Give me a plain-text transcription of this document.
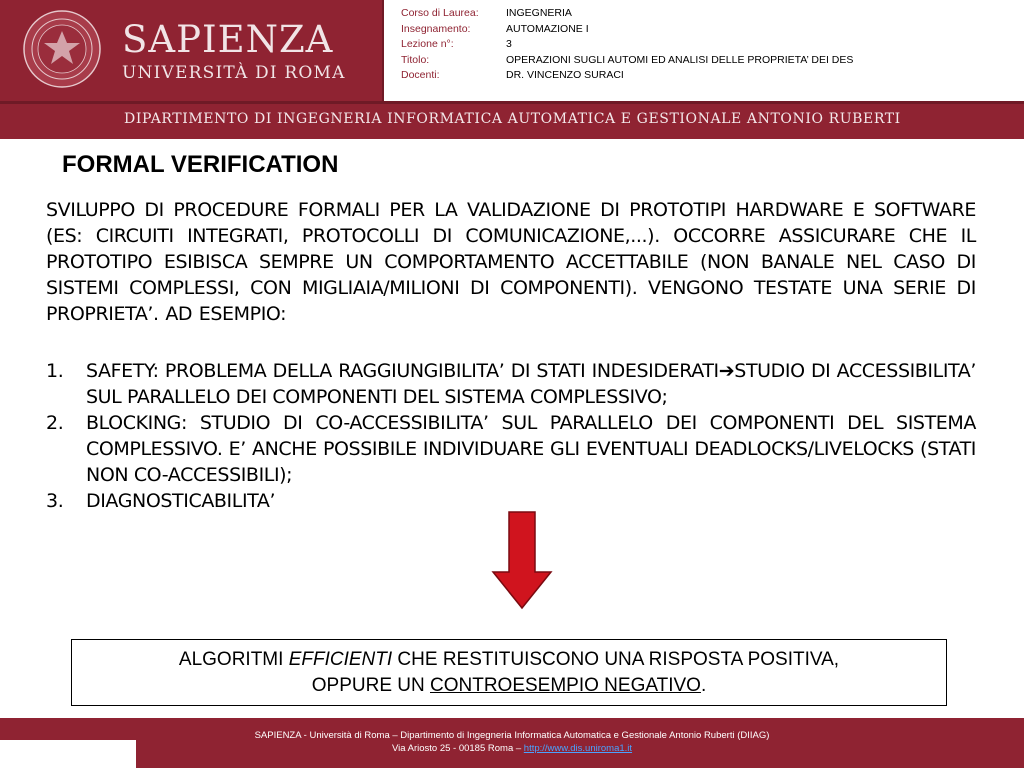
SAPIENZA
UNIVERSITÀ DI ROMA
Corso di Laurea:	INGEGNERIA
Insegnamento:	AUTOMAZIONE I
Lezione n°:	3
Titolo:	OPERAZIONI SUGLI AUTOMI ED ANALISI DELLE PROPRIETA’ DEI DES
Docenti:	DR. VINCENZO SURACI
DIPARTIMENTO DI INGEGNERIA INFORMATICA AUTOMATICA E GESTIONALE ANTONIO RUBERTI
FORMAL VERIFICATION

SVILUPPO DI PROCEDURE FORMALI PER LA VALIDAZIONE DI PROTOTIPI HARDWARE E SOFTWARE (ES: CIRCUITI INTEGRATI, PROTOCOLLI DI COMUNICAZIONE,...). OCCORRE ASSICURARE CHE IL PROTOTIPO ESIBISCA SEMPRE UN COMPORTAMENTO ACCETTABILE (NON BANALE NEL CASO DI SISTEMI COMPLESSI, CON MIGLIAIA/MILIONI DI COMPONENTI). VENGONO TESTATE UNA SERIE DI PROPRIETA’. AD ESEMPIO:

1. SAFETY: PROBLEMA DELLA RAGGIUNGIBILITA’ DI STATI INDESIDERATI➔STUDIO DI ACCESSIBILITA’ SUL PARALLELO DEI COMPONENTI DEL SISTEMA COMPLESSIVO;
2. BLOCKING: STUDIO DI CO-ACCESSIBILITA’ SUL PARALLELO DEI COMPONENTI DEL SISTEMA COMPLESSIVO. E’ ANCHE POSSIBILE INDIVIDUARE GLI EVENTUALI DEADLOCKS/LIVELOCKS (STATI NON CO-ACCESSIBILI);
3. DIAGNOSTICABILITA’
ALGORITMI EFFICIENTI CHE RESTITUISCONO UNA RISPOSTA POSITIVA,
OPPURE UN CONTROESEMPIO NEGATIVO.
SAPIENZA - Università di Roma – Dipartimento di Ingegneria Informatica Automatica e Gestionale Antonio Ruberti (DIIAG)
Via Ariosto 25 - 00185 Roma – http://www.dis.uniroma1.it
